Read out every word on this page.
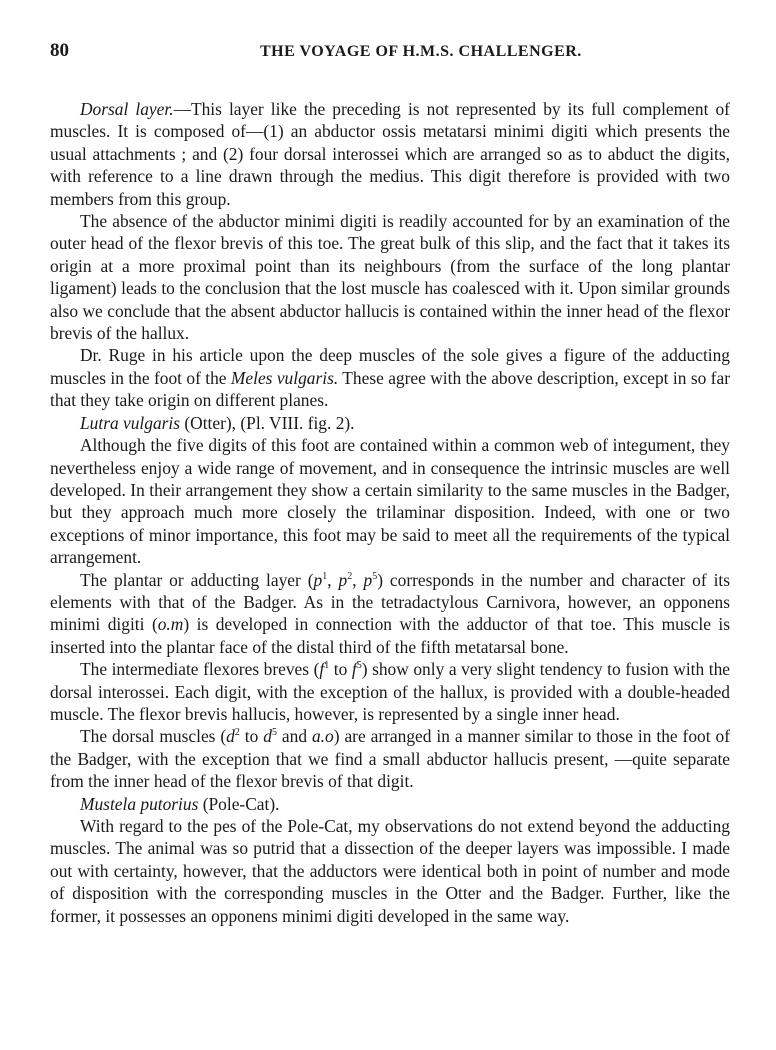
80	THE VOYAGE OF H.M.S. CHALLENGER.

Dorsal layer.—This layer like the preceding is not represented by its full complement of muscles. It is composed of—(1) an abductor ossis metatarsi minimi digiti which presents the usual attachments ; and (2) four dorsal interossei which are arranged so as to abduct the digits, with reference to a line drawn through the medius. This digit therefore is provided with two members from this group.

The absence of the abductor minimi digiti is readily accounted for by an examination of the outer head of the flexor brevis of this toe. The great bulk of this slip, and the fact that it takes its origin at a more proximal point than its neighbours (from the surface of the long plantar ligament) leads to the conclusion that the lost muscle has coalesced with it. Upon similar grounds also we conclude that the absent abductor hallucis is contained within the inner head of the flexor brevis of the hallux.

Dr. Ruge in his article upon the deep muscles of the sole gives a figure of the adducting muscles in the foot of the Meles vulgaris. These agree with the above description, except in so far that they take origin on different planes.

Lutra vulgaris (Otter), (Pl. VIII. fig. 2).

Although the five digits of this foot are contained within a common web of integument, they nevertheless enjoy a wide range of movement, and in consequence the intrinsic muscles are well developed. In their arrangement they show a certain similarity to the same muscles in the Badger, but they approach much more closely the trilaminar disposition. Indeed, with one or two exceptions of minor importance, this foot may be said to meet all the requirements of the typical arrangement.

The plantar or adducting layer ($p^1$, $p^2$, $p^5$) corresponds in the number and character of its elements with that of the Badger. As in the tetradactylous Carnivora, however, an opponens minimi digiti (o.m) is developed in connection with the adductor of that toe. This muscle is inserted into the plantar face of the distal third of the fifth metatarsal bone.

The intermediate flexores breves ($f^1$ to $f^5$) show only a very slight tendency to fusion with the dorsal interossei. Each digit, with the exception of the hallux, is provided with a double-headed muscle. The flexor brevis hallucis, however, is represented by a single inner head.

The dorsal muscles ($d^2$ to $d^5$ and a.o) are arranged in a manner similar to those in the foot of the Badger, with the exception that we find a small abductor hallucis present, —quite separate from the inner head of the flexor brevis of that digit.

Mustela putorius (Pole-Cat).

With regard to the pes of the Pole-Cat, my observations do not extend beyond the adducting muscles. The animal was so putrid that a dissection of the deeper layers was impossible. I made out with certainty, however, that the adductors were identical both in point of number and mode of disposition with the corresponding muscles in the Otter and the Badger. Further, like the former, it possesses an opponens minimi digiti developed in the same way.
